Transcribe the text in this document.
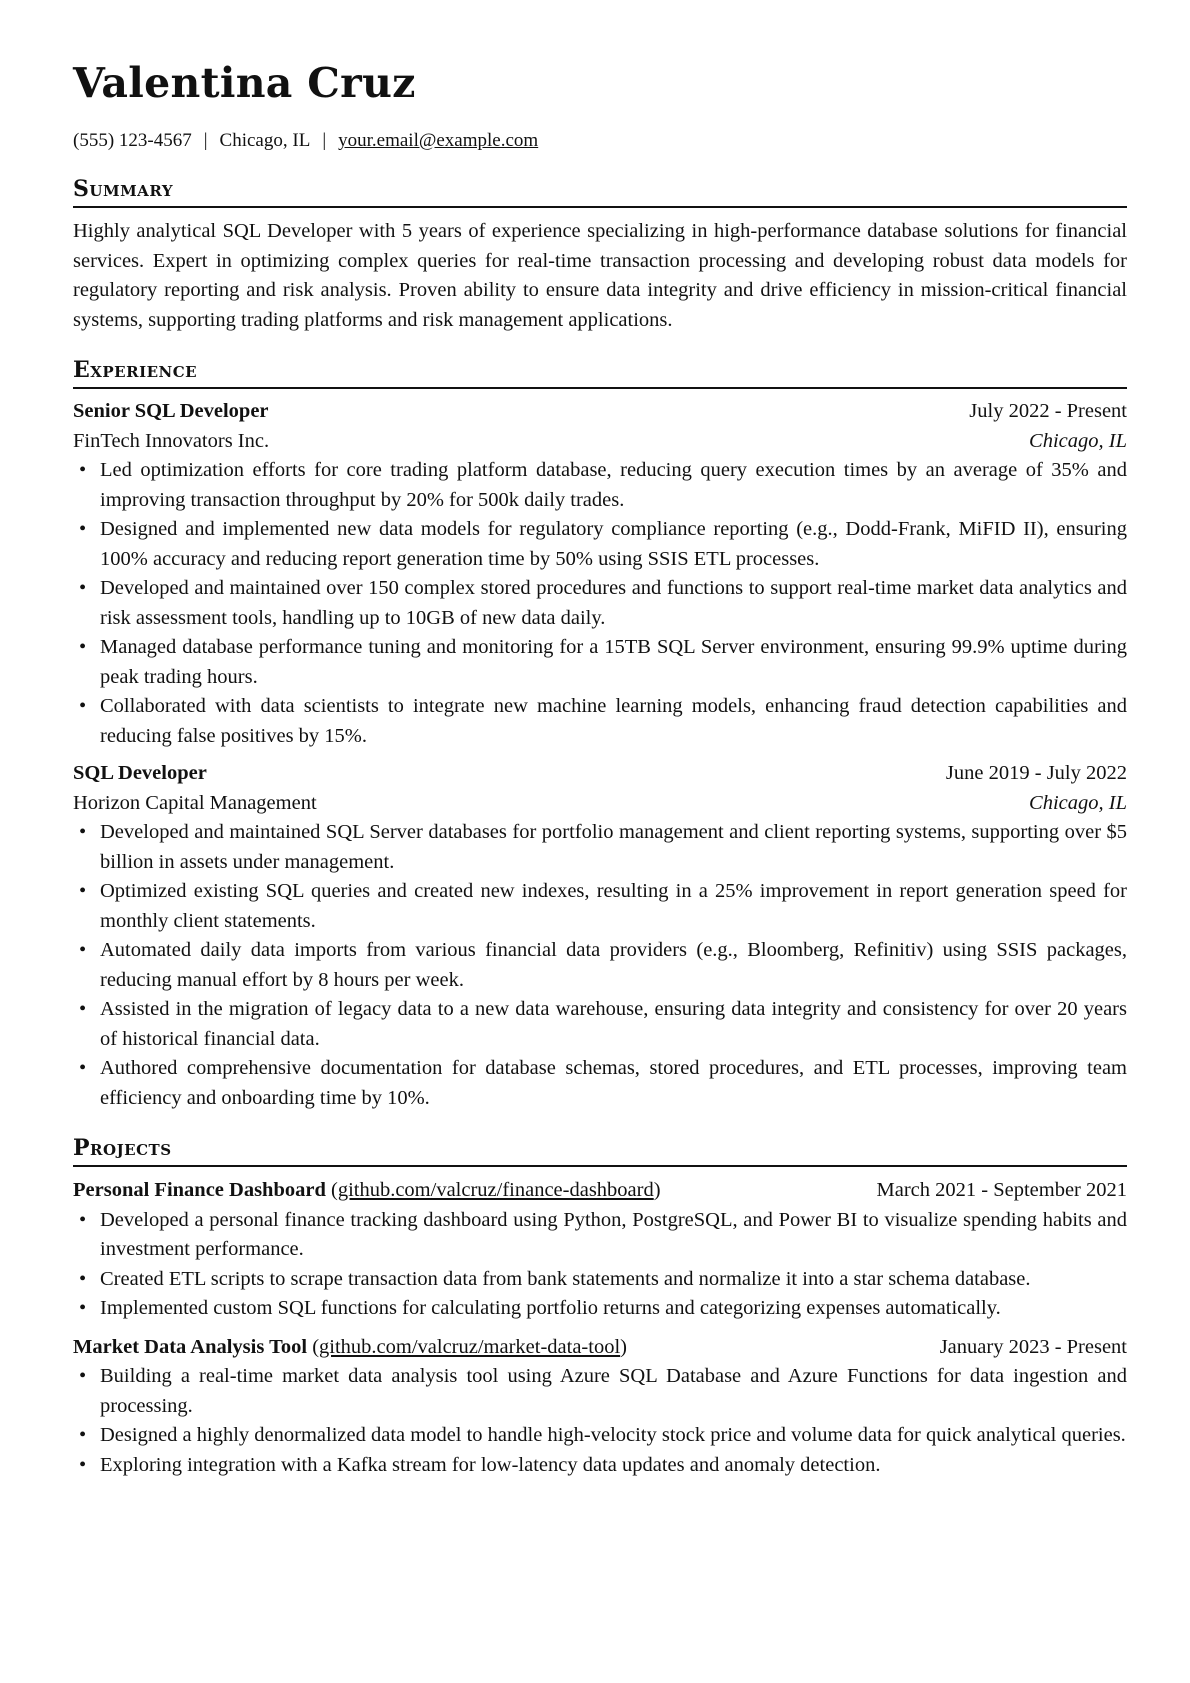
Valentina Cruz
(555) 123-4567 | Chicago, IL | your.email@example.com
Summary
Highly analytical SQL Developer with 5 years of experience specializing in high-performance database solutions for financial services. Expert in optimizing complex queries for real-time transaction processing and developing robust data models for regulatory reporting and risk analysis. Proven ability to ensure data integrity and drive efficiency in mission-critical financial systems, supporting trading platforms and risk management applications.
Experience
Senior SQL Developer	July 2022 - Present
FinTech Innovators Inc.	Chicago, IL
• Led optimization efforts for core trading platform database, reducing query execution times by an average of 35% and improving transaction throughput by 20% for 500k daily trades.
• Designed and implemented new data models for regulatory compliance reporting (e.g., Dodd-Frank, MiFID II), ensuring 100% accuracy and reducing report generation time by 50% using SSIS ETL processes.
• Developed and maintained over 150 complex stored procedures and functions to support real-time market data analytics and risk assessment tools, handling up to 10GB of new data daily.
• Managed database performance tuning and monitoring for a 15TB SQL Server environment, ensuring 99.9% uptime during peak trading hours.
• Collaborated with data scientists to integrate new machine learning models, enhancing fraud detection capabilities and reducing false positives by 15%.
SQL Developer	June 2019 - July 2022
Horizon Capital Management	Chicago, IL
• Developed and maintained SQL Server databases for portfolio management and client reporting systems, supporting over $5 billion in assets under management.
• Optimized existing SQL queries and created new indexes, resulting in a 25% improvement in report generation speed for monthly client statements.
• Automated daily data imports from various financial data providers (e.g., Bloomberg, Refinitiv) using SSIS packages, reducing manual effort by 8 hours per week.
• Assisted in the migration of legacy data to a new data warehouse, ensuring data integrity and consistency for over 20 years of historical financial data.
• Authored comprehensive documentation for database schemas, stored procedures, and ETL processes, improving team efficiency and onboarding time by 10%.
Projects
Personal Finance Dashboard (github.com/valcruz/finance-dashboard)	March 2021 - September 2021
• Developed a personal finance tracking dashboard using Python, PostgreSQL, and Power BI to visualize spending habits and investment performance.
• Created ETL scripts to scrape transaction data from bank statements and normalize it into a star schema database.
• Implemented custom SQL functions for calculating portfolio returns and categorizing expenses automatically.
Market Data Analysis Tool (github.com/valcruz/market-data-tool)	January 2023 - Present
• Building a real-time market data analysis tool using Azure SQL Database and Azure Functions for data ingestion and processing.
• Designed a highly denormalized data model to handle high-velocity stock price and volume data for quick analytical queries.
• Exploring integration with a Kafka stream for low-latency data updates and anomaly detection.
